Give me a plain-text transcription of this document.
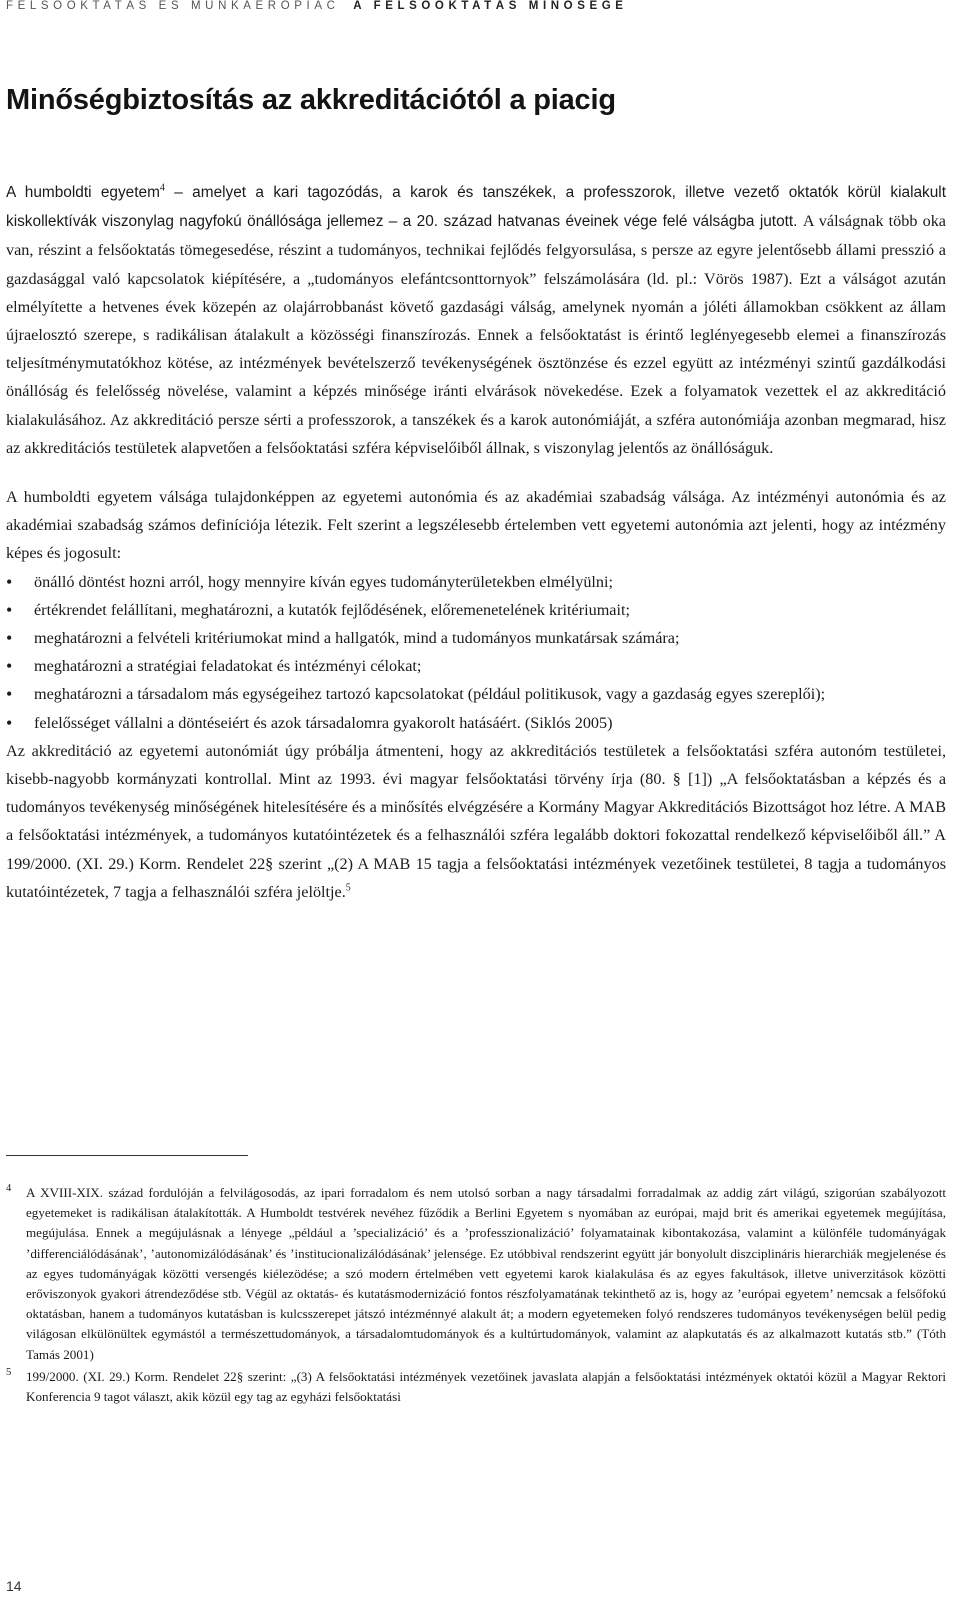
FELSŐOKTATÁS ÉS MUNKAERŐPIAC A FELSŐOKTATÁS MINŐSÉGE
Minőségbiztosítás az akkreditációtól a piacig

A humboldti egyetem$^4$ – amelyet a kari tagozódás, a karok és tanszékek, a professzorok, illetve vezető oktatók körül kialakult kiskollektívák viszonylag nagyfokú önállósága jellemez – a 20. század hatvanas éveinek vége felé válságba jutott. A válságnak több oka van, részint a felsőoktatás tömegesedése, részint a tudományos, technikai fejlődés felgyorsulása, s persze az egyre jelentősebb állami presszió a gazdasággal való kapcsolatok kiépítésére, a „tudományos elefántcsonttornyok” felszámolására (ld. pl.: Vörös 1987). Ezt a válságot azután elmélyítette a hetvenes évek közepén az olajárrobbanást követő gazdasági válság, amelynek nyomán a jóléti államokban csökkent az állam újraelosztó szerepe, s radikálisan átalakult a közösségi finanszírozás. Ennek a felsőoktatást is érintő leglényegesebb elemei a finanszírozás teljesítménymutatókhoz kötése, az intézmények bevételszerző tevékenységének ösztönzése és ezzel együtt az intézményi szintű gazdálkodási önállóság és felelősség növelése, valamint a képzés minősége iránti elvárások növekedése. Ezek a folyamatok vezettek el az akkreditáció kialakulásához. Az akkreditáció persze sérti a professzorok, a tanszékek és a karok autonómiáját, a szféra autonómiája azonban megmarad, hisz az akkreditációs testületek alapvetően a felsőoktatási szféra képviselőiből állnak, s viszonylag jelentős az önállóságuk.

A humboldti egyetem válsága tulajdonképpen az egyetemi autonómia és az akadémiai szabadság válsága. Az intézményi autonómia és az akadémiai szabadság számos definíciója létezik. Felt szerint a legszélesebb értelemben vett egyetemi autonómia azt jelenti, hogy az intézmény képes és jogosult:

• önálló döntést hozni arról, hogy mennyire kíván egyes tudományterületekben elmélyülni;
• értékrendet felállítani, meghatározni, a kutatók fejlődésének, előremenetelének kritériumait;
• meghatározni a felvételi kritériumokat mind a hallgatók, mind a tudományos munkatársak számára;
• meghatározni a stratégiai feladatokat és intézményi célokat;
• meghatározni a társadalom más egységeihez tartozó kapcsolatokat (például politikusok, vagy a gazdaság egyes szereplői);
• felelősséget vállalni a döntéseiért és azok társadalomra gyakorolt hatásáért. (Siklós 2005)

Az akkreditáció az egyetemi autonómiát úgy próbálja átmenteni, hogy az akkreditációs testületek a felsőoktatási szféra autonóm testületei, kisebb-nagyobb kormányzati kontrollal. Mint az 1993. évi magyar felsőoktatási törvény írja (80. § [1]) „A felsőoktatásban a képzés és a tudományos tevékenység minőségének hitelesítésére és a minősítés elvégzésére a Kormány Magyar Akkreditációs Bizottságot hoz létre. A MAB a felsőoktatási intézmények, a tudományos kutatóintézetek és a felhasználói szféra legalább doktori fokozattal rendelkező képviselőiből áll.” A 199/2000. (XI. 29.) Korm. Rendelet 22§ szerint „(2) A MAB 15 tagja a felsőoktatási intézmények vezetőinek testületei, 8 tagja a tudományos kutatóintézetek, 7 tagja a felhasználói szféra jelöltje.$^5$

4 A XVIII-XIX. század fordulóján a felvilágosodás, az ipari forradalom és nem utolsó sorban a nagy társadalmi forradalmak az addig zárt világú, szigorúan szabályozott egyetemeket is radikálisan átalakították. A Humboldt testvérek nevéhez fűződik a Berlini Egyetem s nyomában az európai, majd brit és amerikai egyetemek megújítása, megújulása. Ennek a megújulásnak a lényege „például a ’specializáció’ és a ’professzionalizáció’ folyamatainak kibontakozása, valamint a különféle tudományágak ’differenciálódásának’, ’autonomizálódásának’ és ’institucionalizálódásának’ jelensége. Ez utóbbival rendszerint együtt jár bonyolult diszciplináris hierarchiák megjelenése és az egyes tudományágak közötti versengés kiélezödése; a szó modern értelmében vett egyetemi karok kialakulása és az egyes fakultások, illetve univerzitások közötti erőviszonyok gyakori átrendeződése stb. Végül az oktatás- és kutatásmodernizáció fontos részfolyamatának tekinthető az is, hogy az ’európai egyetem’ nemcsak a felsőfokú oktatásban, hanem a tudományos kutatásban is kulcsszerepet játszó intézménnyé alakult át; a modern egyetemeken folyó rendszeres tudományos tevékenységen belül pedig világosan elkülönültek egymástól a természettudományok, a társadalomtudományok és a kultúrtudományok, valamint az alapkutatás és az alkalmazott kutatás stb.” (Tóth Tamás 2001)
5 199/2000. (XI. 29.) Korm. Rendelet 22§ szerint: „(3) A felsőoktatási intézmények vezetőinek javaslata alapján a felsőoktatási intézmények oktatói közül a Magyar Rektori Konferencia 9 tagot választ, akik közül egy tag az egyházi felsőoktatási
14
